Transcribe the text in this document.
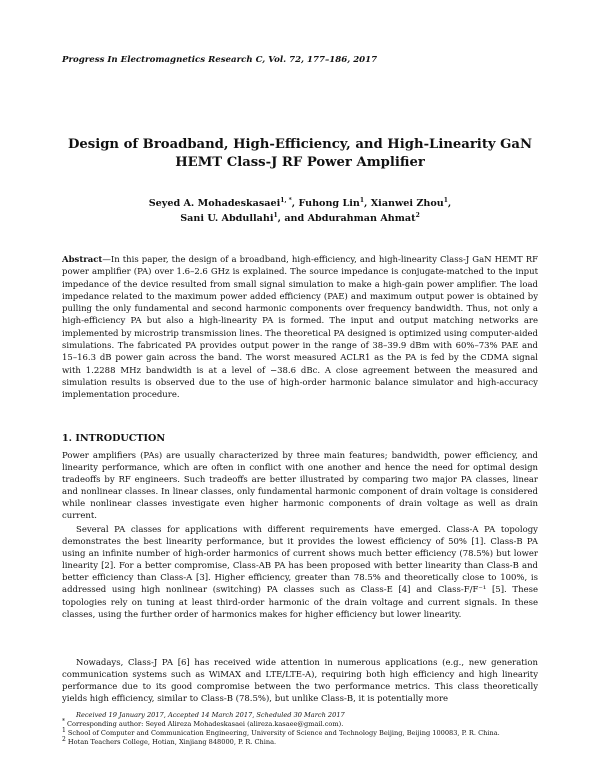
Progress In Electromagnetics Research C, Vol. 72, 177–186, 2017
Design of Broadband, High-Efficiency, and High-Linearity GaN
HEMT Class-J RF Power Amplifier
Seyed A. Mohadeskasaei$^{1, *}$, Fuhong Lin$^1$, Xianwei Zhou$^1$,
Sani U. Abdullahi$^1$, and Abdurahman Ahmat$^2$

Abstract—In this paper, the design of a broadband, high-efficiency, and high-linearity Class-J GaN HEMT RF power amplifier (PA) over 1.6–2.6 GHz is explained. The source impedance is conjugate-matched to the input impedance of the device resulted from small signal simulation to make a high-gain power amplifier. The load impedance related to the maximum power added efficiency (PAE) and maximum output power is obtained by pulling the only fundamental and second harmonic components over frequency bandwidth. Thus, not only a high-efficiency PA but also a high-linearity PA is formed. The input and output matching networks are implemented by microstrip transmission lines. The theoretical PA designed is optimized using computer-aided simulations. The fabricated PA provides output power in the range of 38–39.9 dBm with 60%–73% PAE and 15–16.3 dB power gain across the band. The worst measured ACLR1 as the PA is fed by the CDMA signal with 1.2288 MHz bandwidth is at a level of −38.6 dBc. A close agreement between the measured and simulation results is observed due to the use of high-order harmonic balance simulator and high-accuracy implementation procedure.

1. INTRODUCTION

Power amplifiers (PAs) are usually characterized by three main features; bandwidth, power efficiency, and linearity performance, which are often in conflict with one another and hence the need for optimal design tradeoffs by RF engineers. Such tradeoffs are better illustrated by comparing two major PA classes, linear and nonlinear classes. In linear classes, only fundamental harmonic component of drain voltage is considered while nonlinear classes investigate even higher harmonic components of drain voltage as well as drain current.

Several PA classes for applications with different requirements have emerged. Class-A PA topology demonstrates the best linearity performance, but it provides the lowest efficiency of 50% [1]. Class-B PA using an infinite number of high-order harmonics of current shows much better efficiency (78.5%) but lower linearity [2]. For a better compromise, Class-AB PA has been proposed with better linearity than Class-B and better efficiency than Class-A [3]. Higher efficiency, greater than 78.5% and theoretically close to 100%, is addressed using high nonlinear (switching) PA classes such as Class-E [4] and Class-F/F⁻¹ [5]. These topologies rely on tuning at least third-order harmonic of the drain voltage and current signals. In these classes, using the further order of harmonics makes for higher efficiency but lower linearity.

Nowadays, Class-J PA [6] has received wide attention in numerous applications (e.g., new generation communication systems such as WiMAX and LTE/LTE-A), requiring both high efficiency and high linearity performance due to its good compromise between the two performance metrics. This class theoretically yields high efficiency, similar to Class-B (78.5%), but unlike Class-B, it is potentially more

Received 19 January 2017, Accepted 14 March 2017, Scheduled 30 March 2017

* Corresponding author: Seyed Alireza Mohadeskasaei (alireza.kasaee@gmail.com).

$^1$ School of Computer and Communication Engineering, University of Science and Technology Beijing, Beijing 100083, P. R. China.

$^2$ Hotan Teachers College, Hotian, Xinjiang 848000, P. R. China.
